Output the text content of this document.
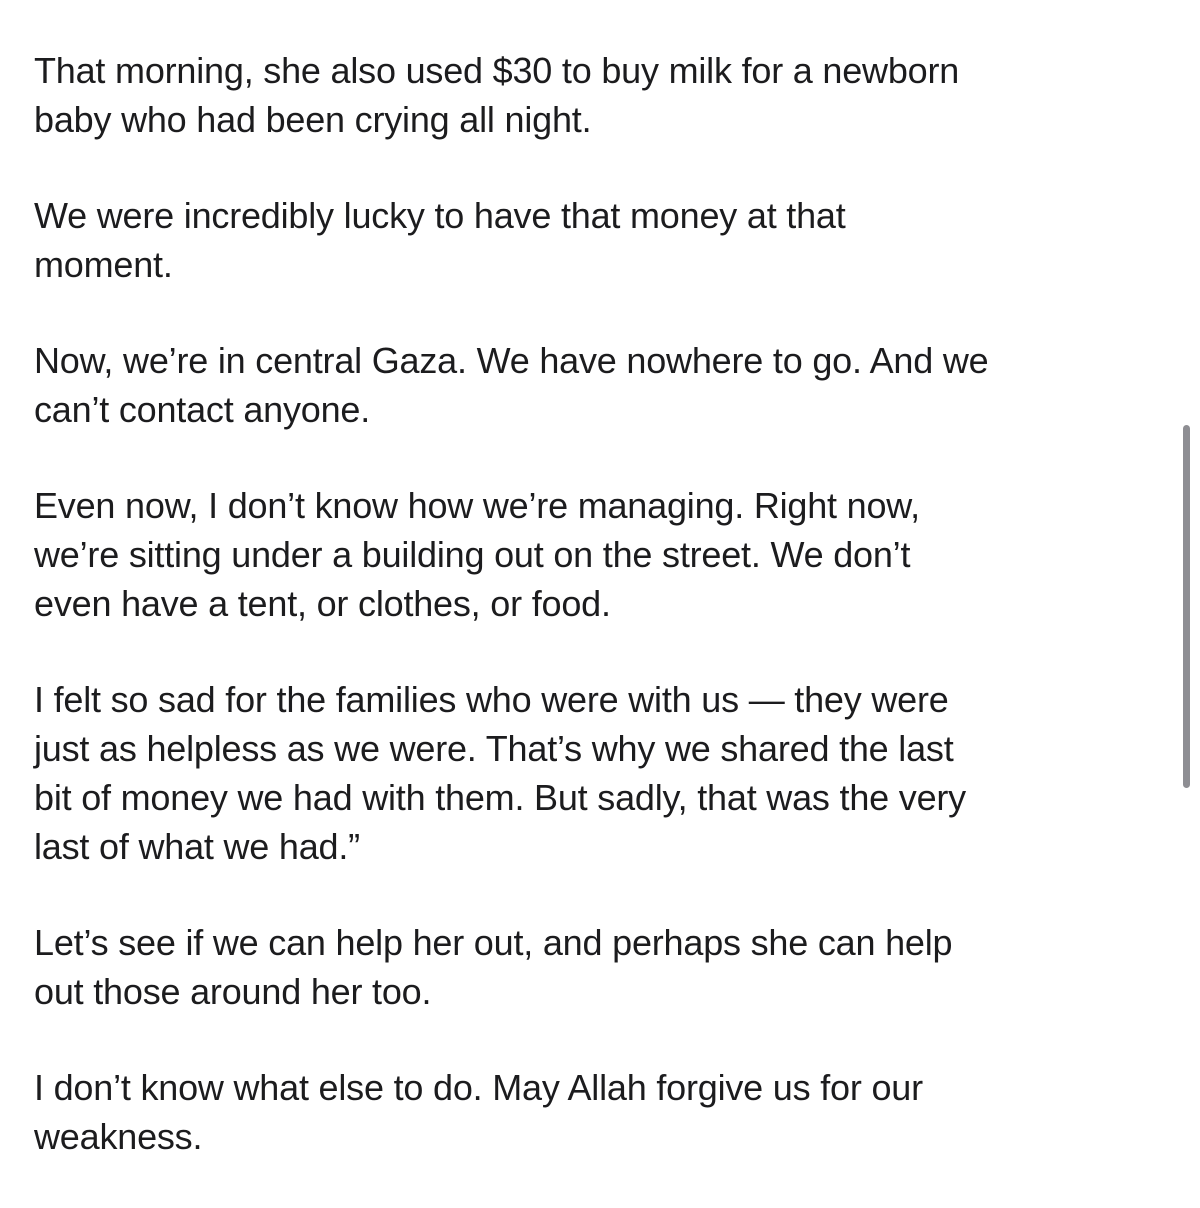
That morning, she also used $30 to buy milk for a newborn
baby who had been crying all night.

We were incredibly lucky to have that money at that
moment.

Now, we’re in central Gaza. We have nowhere to go. And we
can’t contact anyone.

Even now, I don’t know how we’re managing. Right now,
we’re sitting under a building out on the street. We don’t
even have a tent, or clothes, or food.

I felt so sad for the families who were with us — they were
just as helpless as we were. That’s why we shared the last
bit of money we had with them. But sadly, that was the very
last of what we had.”

Let’s see if we can help her out, and perhaps she can help
out those around her too.

I don’t know what else to do. May Allah forgive us for our
weakness.
